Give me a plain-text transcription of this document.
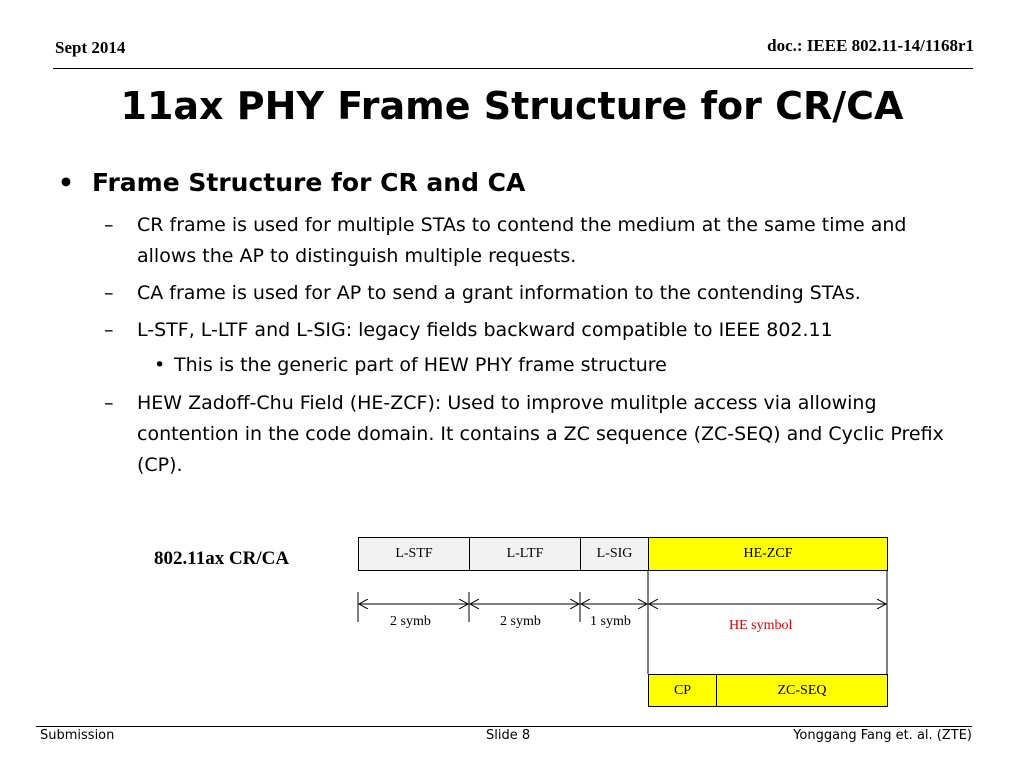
Sept 2014	doc.: IEEE 802.11-14/1168r1
11ax PHY Frame Structure for CR/CA
• Frame Structure for CR and CA
– CR frame is used for multiple STAs to contend the medium at the same time and allows the AP to distinguish multiple requests.
– CA frame is used for AP to send a grant information to the contending STAs.
– L-STF, L-LTF and L-SIG: legacy fields backward compatible to IEEE 802.11
• This is the generic part of HEW PHY frame structure
– HEW Zadoff-Chu Field (HE-ZCF): Used to improve mulitple access via allowing contention in the code domain. It contains a ZC sequence (ZC-SEQ) and Cyclic Prefix (CP).
802.11ax CR/CA	L-STF	L-LTF	L-SIG	HE-ZCF
2 symb	2 symb	1 symb	HE symbol
CP	ZC-SEQ
Submission	Slide 8	Yonggang Fang et. al. (ZTE)
